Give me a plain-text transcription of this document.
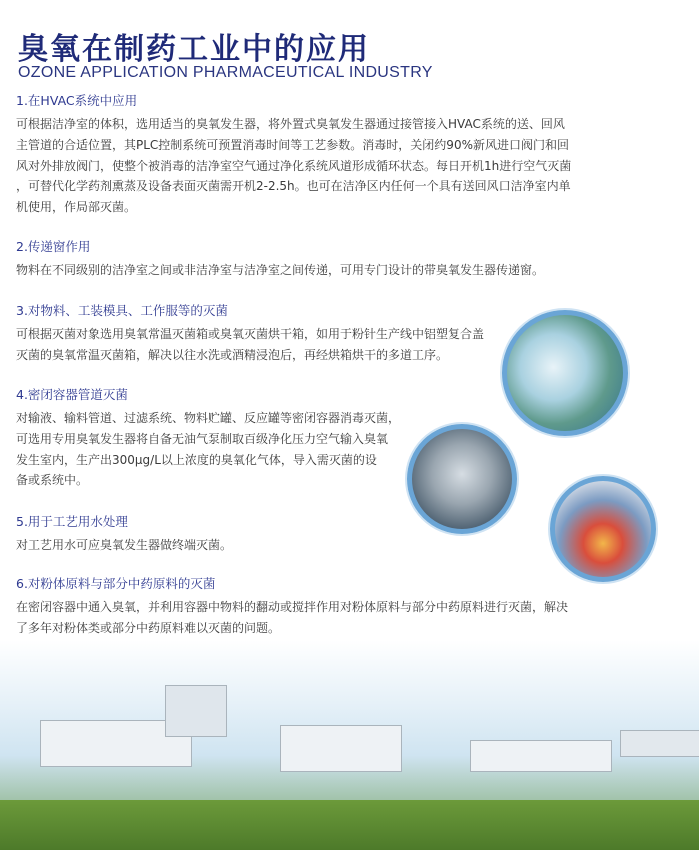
臭氧在制药工业中的应用
OZONE APPLICATION PHARMACEUTICAL INDUSTRY
1.在HVAC系统中应用
可根据洁净室的体积，选用适当的臭氧发生器，将外置式臭氧发生器通过接管接入HVAC系统的送、回风
主管道的合适位置，其PLC控制系统可预置消毒时间等工艺参数。消毒时，关闭约90%新风进口阀门和回
风对外排放阀门，使整个被消毒的洁净室空气通过净化系统风道形成循环状态。每日开机1h进行空气灭菌
，可替代化学药剂熏蒸及设备表面灭菌需开机2-2.5h。也可在洁净区内任何一个具有送回风口洁净室内单
机使用，作局部灭菌。
2.传递窗作用
物料在不同级别的洁净室之间或非洁净室与洁净室之间传递，可用专门设计的带臭氧发生器传递窗。
3.对物料、工装模具、工作服等的灭菌
可根据灭菌对象选用臭氧常温灭菌箱或臭氧灭菌烘干箱，如用于粉针生产线中铝塑复合盖
灭菌的臭氧常温灭菌箱，解决以往水洗或酒精浸泡后，再经烘箱烘干的多道工序。
4.密闭容器管道灭菌
对输液、输料管道、过滤系统、物料贮罐、反应罐等密闭容器消毒灭菌，
可选用专用臭氧发生器将自备无油气泵制取百级净化压力空气输入臭氧
发生室内，生产出300μg/L以上浓度的臭氧化气体，导入需灭菌的设
备或系统中。
5.用于工艺用水处理
对工艺用水可应臭氧发生器做终端灭菌。
6.对粉体原料与部分中药原料的灭菌
在密闭容器中通入臭氧，并利用容器中物料的翻动或搅拌作用对粉体原料与部分中药原料进行灭菌，解决
了多年对粉体类或部分中药原料难以灭菌的问题。
